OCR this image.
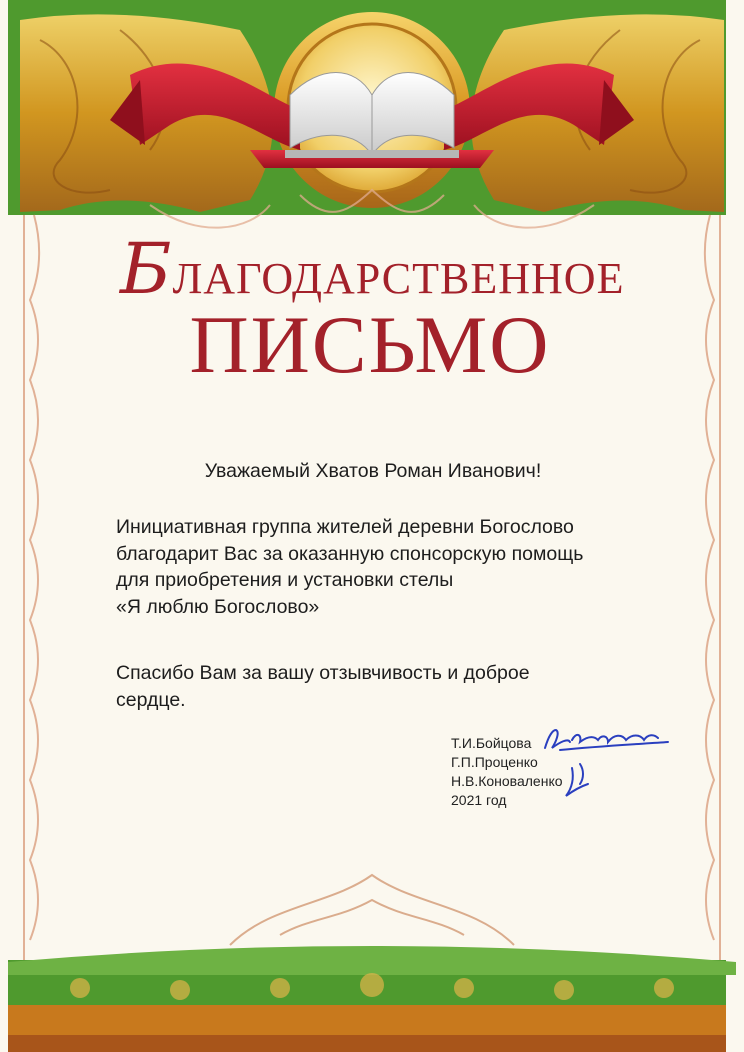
БЛАГОДАРСТВЕННОЕ
ПИСЬМО
Уважаемый Хватов Роман Иванович!
Инициативная группа жителей деревни Богослово
благодарит Вас за оказанную спонсорскую помощь
для приобретения и установки стелы
«Я люблю Богослово»
Спасибо Вам за вашу отзывчивость и доброе
сердце.
Т.И.Бойцова
Г.П.Проценко
Н.В.Коноваленко
2021 год
